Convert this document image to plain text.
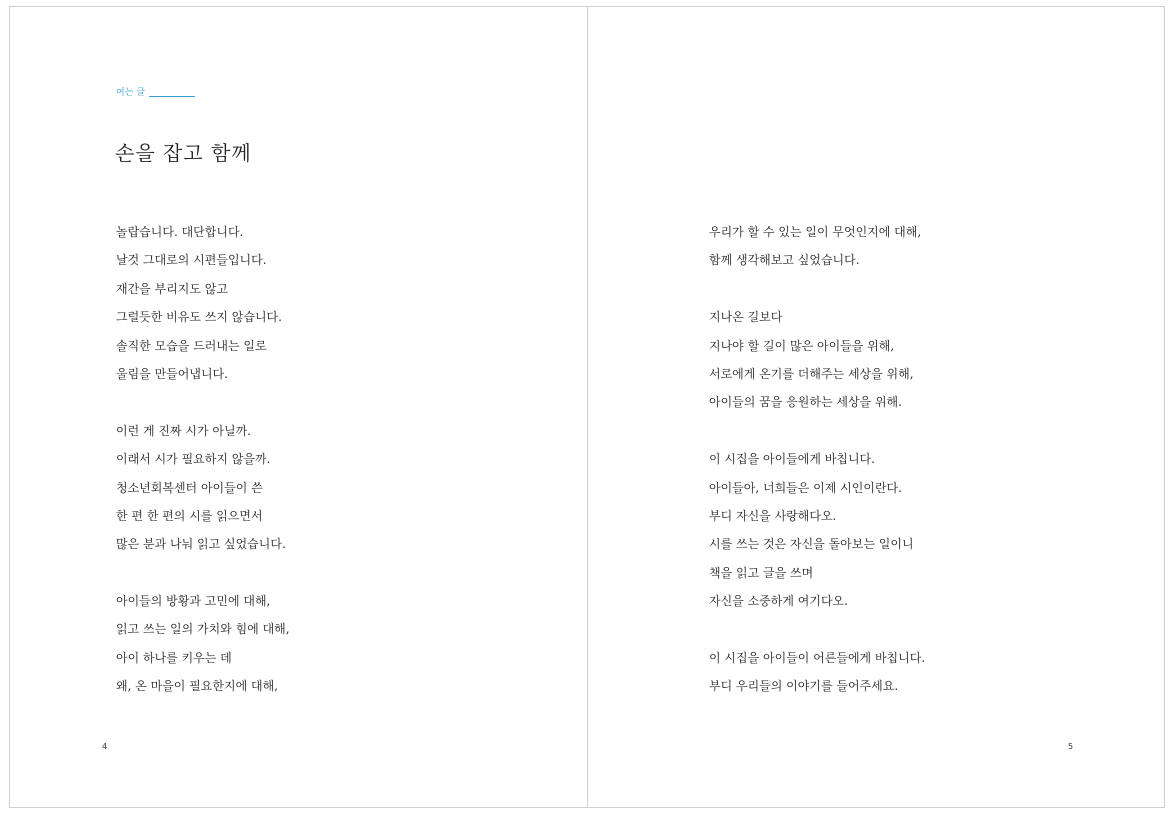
여는 글
손을 잡고 함께
놀랍습니다. 대단합니다.
날것 그대로의 시편들입니다.
재간을 부리지도 않고
그럴듯한 비유도 쓰지 않습니다.
솔직한 모습을 드러내는 일로
울림을 만들어냅니다.
이런 게 진짜 시가 아닐까.
이래서 시가 필요하지 않을까.
청소년회복센터 아이들이 쓴
한 편 한 편의 시를 읽으면서
많은 분과 나눠 읽고 싶었습니다.
아이들의 방황과 고민에 대해,
읽고 쓰는 일의 가치와 힘에 대해,
아이 하나를 키우는 데
왜, 온 마을이 필요한지에 대해,
우리가 할 수 있는 일이 무엇인지에 대해,
함께 생각해보고 싶었습니다.
지나온 길보다
지나야 할 길이 많은 아이들을 위해,
서로에게 온기를 더해주는 세상을 위해,
아이들의 꿈을 응원하는 세상을 위해.
이 시집을 아이들에게 바칩니다.
아이들아, 너희들은 이제 시인이란다.
부디 자신을 사랑해다오.
시를 쓰는 것은 자신을 돌아보는 일이니
책을 읽고 글을 쓰며
자신을 소중하게 여기다오.
이 시집을 아이들이 어른들에게 바칩니다.
부디 우리들의 이야기를 들어주세요.
4	5
